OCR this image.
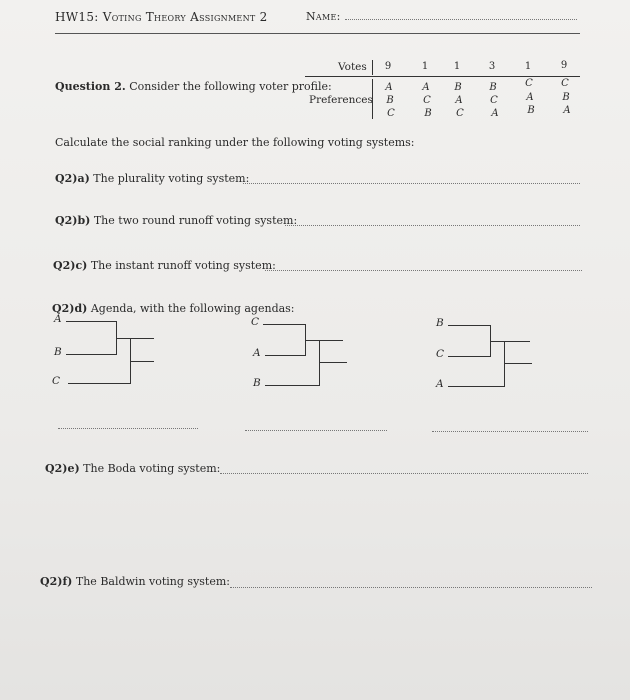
HW15: Voting Theory Assignment 2	Name:
Question 2. Consider the following voter profile:
Votes
Preferences
9
A
B
C
1
A
C
B
1
B
A
C
3
B
C
A
1
C
A
B
9
C
B
A
Calculate the social ranking under the following voting systems:
Q2)a) The plurality voting system:
Q2)b) The two round runoff voting system:
Q2)c) The instant runoff voting system:
Q2)d) Agenda, with the following agendas:
A
B
C
C
A
B
B
C
A
Q2)e) The Boda voting system:
Q2)f) The Baldwin voting system:
